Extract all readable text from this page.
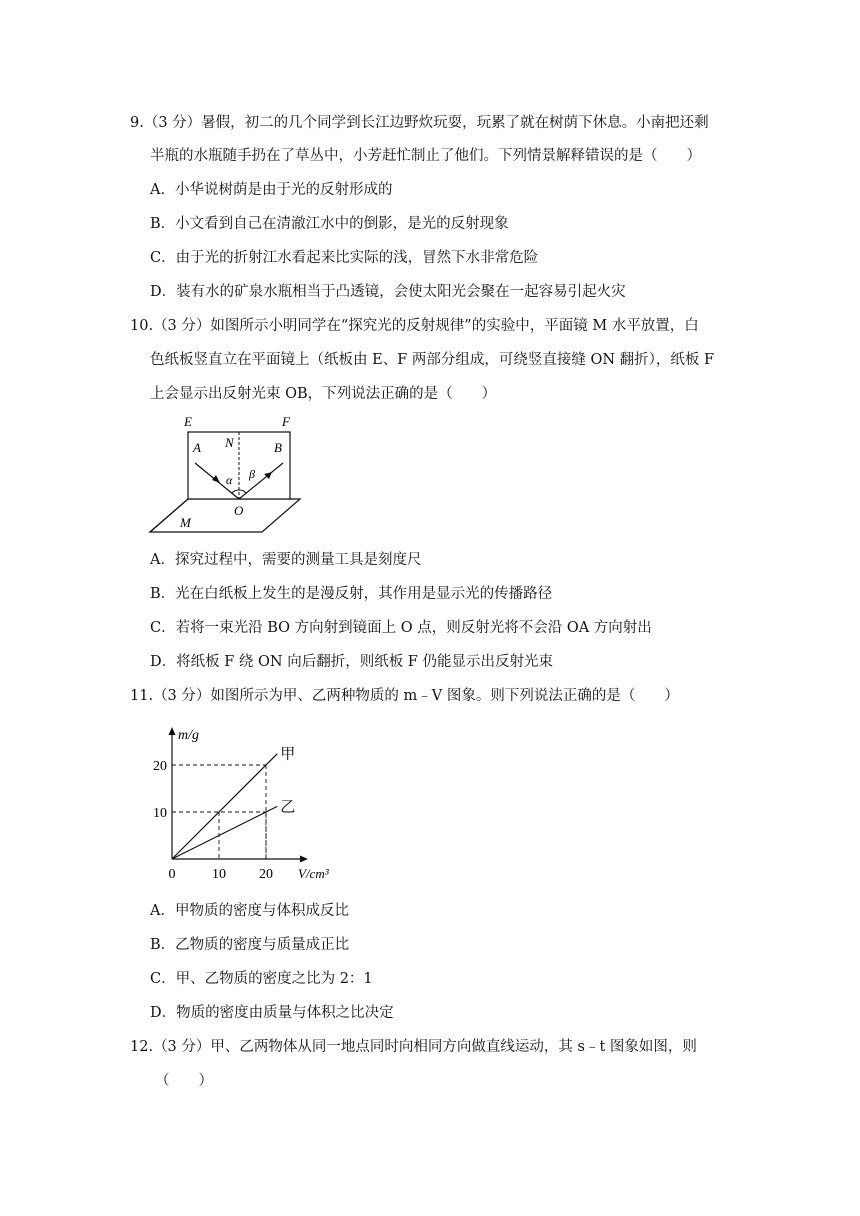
9.（3 分）暑假，初二的几个同学到长江边野炊玩耍，玩累了就在树荫下休息。小南把还剩
半瓶的水瓶随手扔在了草丛中，小芳赶忙制止了他们。下列情景解释错误的是（　　）
A．小华说树荫是由于光的反射形成的
B．小文看到自己在清澈江水中的倒影，是光的反射现象
C．由于光的折射江水看起来比实际的浅，冒然下水非常危险
D．装有水的矿泉水瓶相当于凸透镜，会使太阳光会聚在一起容易引起火灾
10.（3 分）如图所示小明同学在“探究光的反射规律”的实验中，平面镜 M 水平放置，白
色纸板竖直立在平面镜上（纸板由 E、F 两部分组成，可绕竖直接缝 ON 翻折），纸板 F
上会显示出反射光束 OB，下列说法正确的是（　　）
E	F
A N	B
α β
O
M
A．探究过程中，需要的测量工具是刻度尺
B．光在白纸板上发生的是漫反射，其作用是显示光的传播路径
C．若将一束光沿 BO 方向射到镜面上 O 点，则反射光将不会沿 OA 方向射出
D．将纸板 F 绕 ON 向后翻折，则纸板 F 仍能显示出反射光束
11.（3 分）如图所示为甲、乙两种物质的 m﹣V 图象。则下列说法正确的是（　　）
m/g
V/cm³
0	10 20
10
20
甲
乙
A．甲物质的密度与体积成反比
B．乙物质的密度与质量成正比
C．甲、乙物质的密度之比为 2：1
D．物质的密度由质量与体积之比决定
12.（3 分）甲、乙两物体从同一地点同时向相同方向做直线运动，其 s﹣t 图象如图，则
（　　）
